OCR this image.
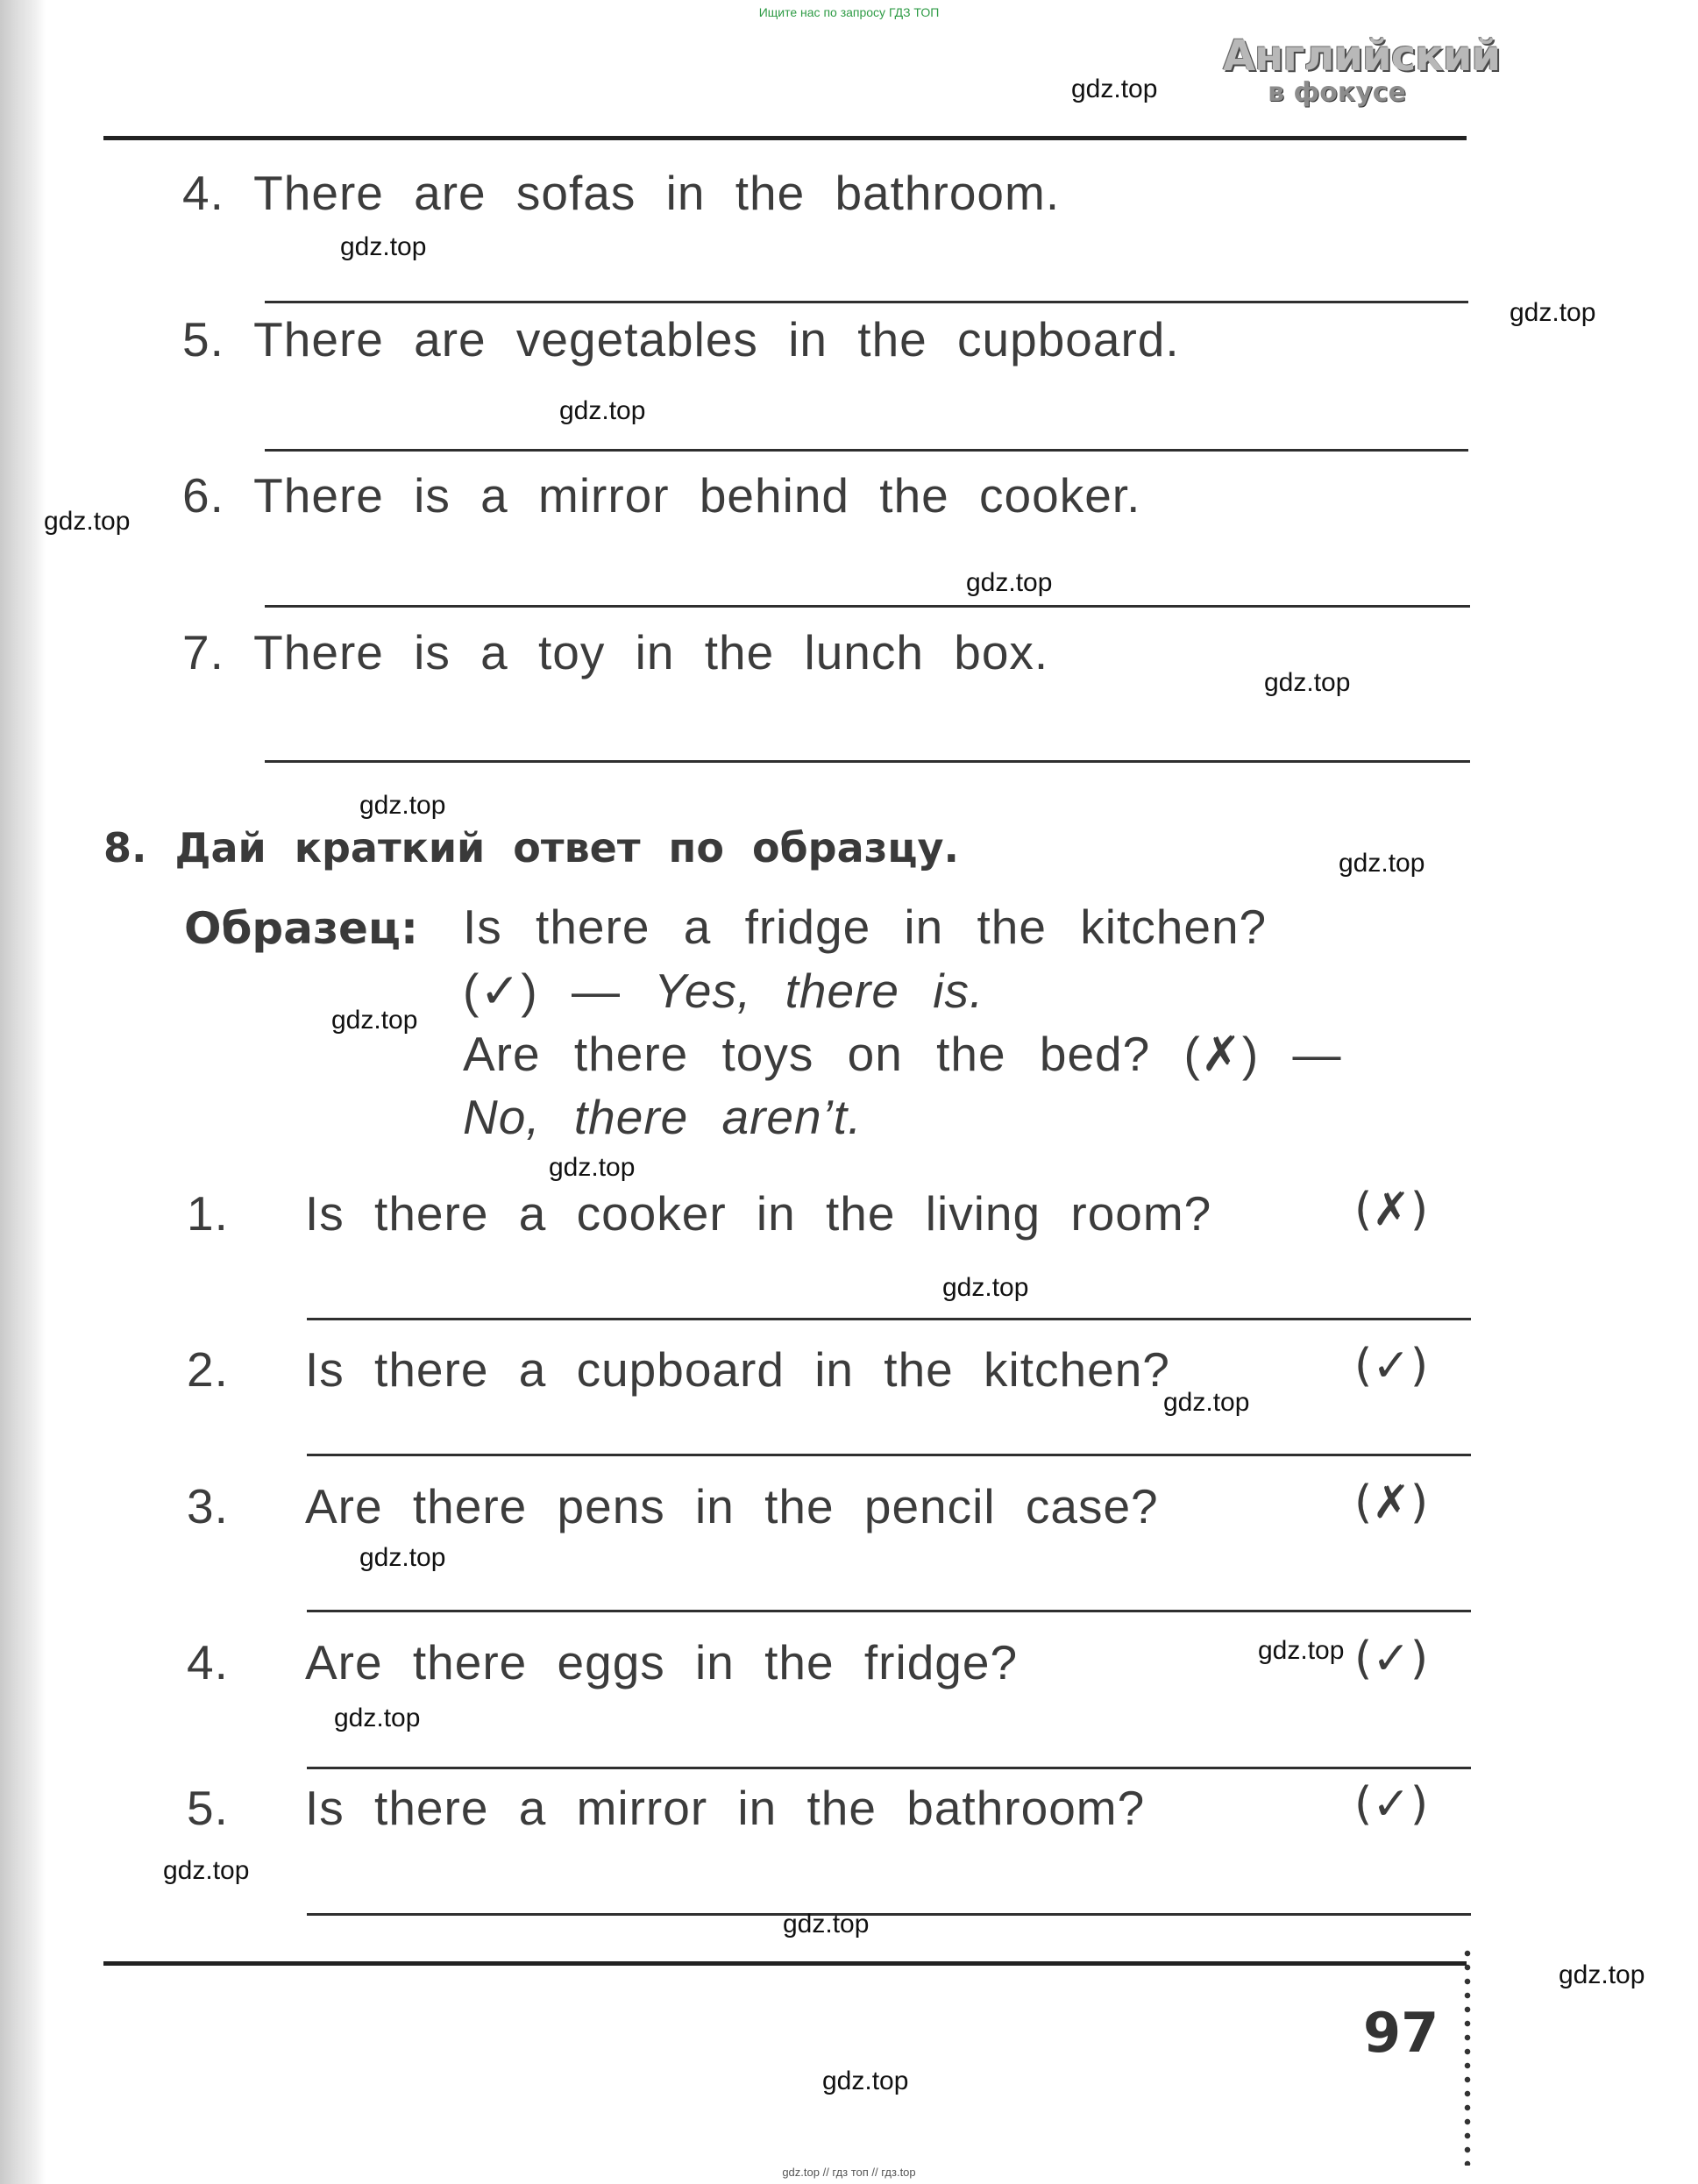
Ищите нас по запросу ГДЗ ТОП
Английский
в фокусе
4. There are sofas in the bathroom.
5. There are vegetables in the cupboard.
6. There is a mirror behind the cooker.
7. There is a toy in the lunch box.
8. Дай краткий ответ по образцу.
Образец: Is there a fridge in the kitchen?
(✓) — Yes, there is.
Are there toys on the bed? (✗) —
No, there aren’t.
1. Is there a cooker in the living room?	(✗)
2. Is there a cupboard in the kitchen?	(✓)
3. Are there pens in the pencil case?	(✗)
4. Are there eggs in the fridge?	(✓)
5. Is there a mirror in the bathroom?	(✓)
97
gdz.top
gdz.top
gdz.top
gdz.top
gdz.top
gdz.top
gdz.top
gdz.top
gdz.top
gdz.top
gdz.top
gdz.top
gdz.top
gdz.top
gdz.top
gdz.top
gdz.top
gdz.top
gdz.top
gdz.top
gdz.top // гдз топ // гдз.top
